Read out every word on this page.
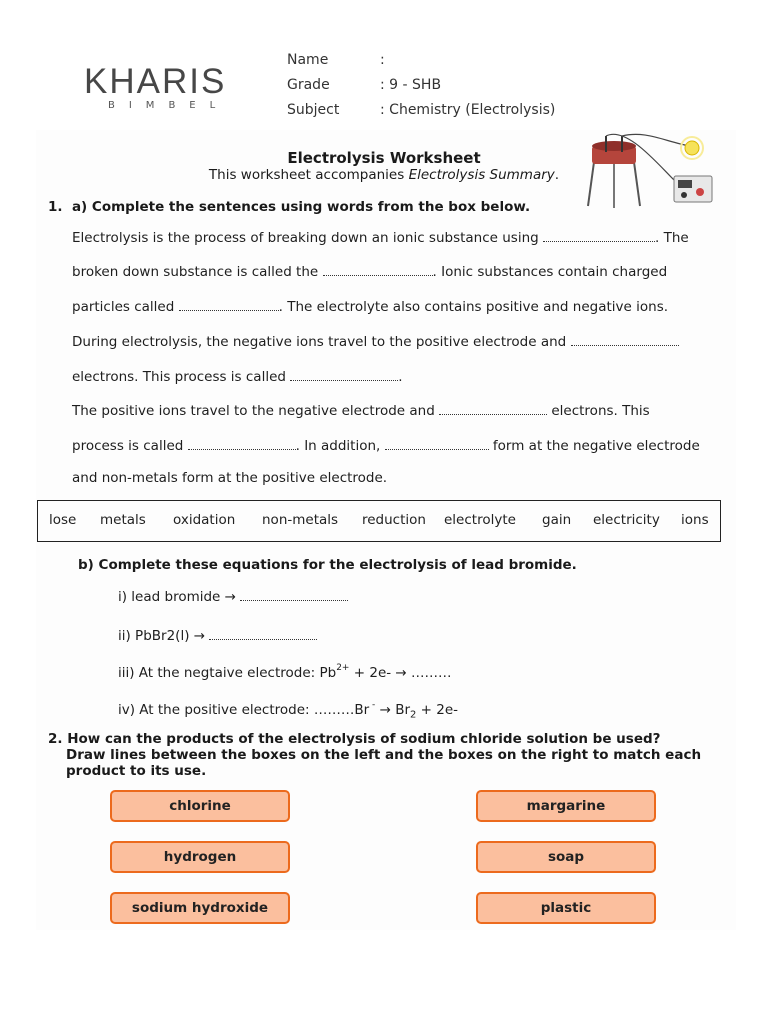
KHARIS
BIMBEL
Name	:
Grade	: 9 - SHB
Subject	: Chemistry (Electrolysis)
Electrolysis Worksheet
This worksheet accompanies Electrolysis Summary.
1. a) Complete the sentences using words from the box below.
Electrolysis is the process of breaking down an ionic substance using	. The
broken down substance is called the	. Ionic substances contain charged
particles called	. The electrolyte also contains positive and negative ions.
During electrolysis, the negative ions travel to the positive electrode and
electrons. This process is called	.
The positive ions travel to the negative electrode and	electrons. This
process is called	. In addition,	form at the negative electrode
and non-metals form at the positive electrode.
lose metals oxidation non-metals reduction electrolyte gain electricity ions
b) Complete these equations for the electrolysis of lead bromide.
i) lead bromide →
ii) PbBr2(l) →
iii) At the negtaive electrode: $Pb^{2+} + 2e-$ → ………
iv) At the positive electrode: ………Br $^- \to Br_2 + 2e-$
2. How can the products of the electrolysis of sodium chloride solution be used?
Draw lines between the boxes on the left and the boxes on the right to match each
product to its use.
chlorine
hydrogen
sodium hydroxide
margarine
soap
plastic
